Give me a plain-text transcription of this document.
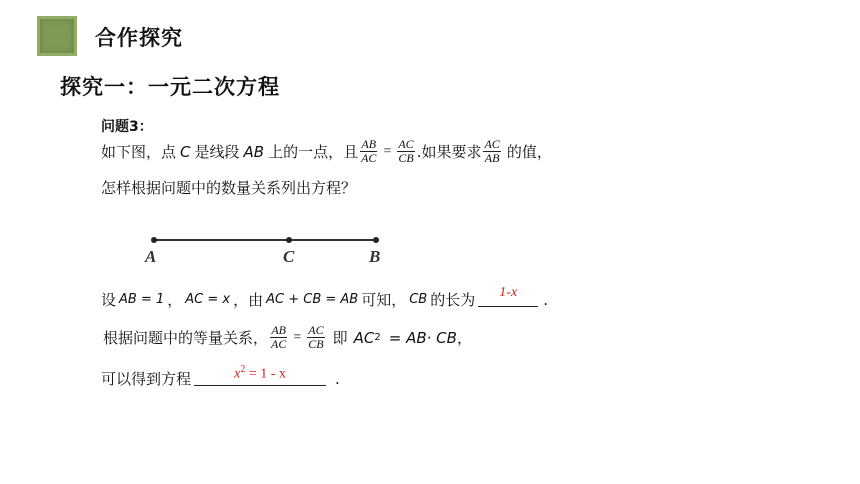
合作探究
探究一：一元二次方程
问题3：
如下图，点 C 是线段 AB 上的一点，且 $\frac{AB}{AC} = \frac{AC}{CB}$ .如果要求 $\frac{AC}{AB}$ 的值，
怎样根据问题中的数量关系列出方程？
A	C	B
设 AB = 1 ， AC = x ，由 AC + CB = AB 可知， CB 的长为	1-x	.
根据问题中的等量关系， $\frac{AB}{AC} = \frac{AC}{CB}$ 即 AC 2 = AB· CB ，
可以得到方程	$x^2 = 1 - x$	.
